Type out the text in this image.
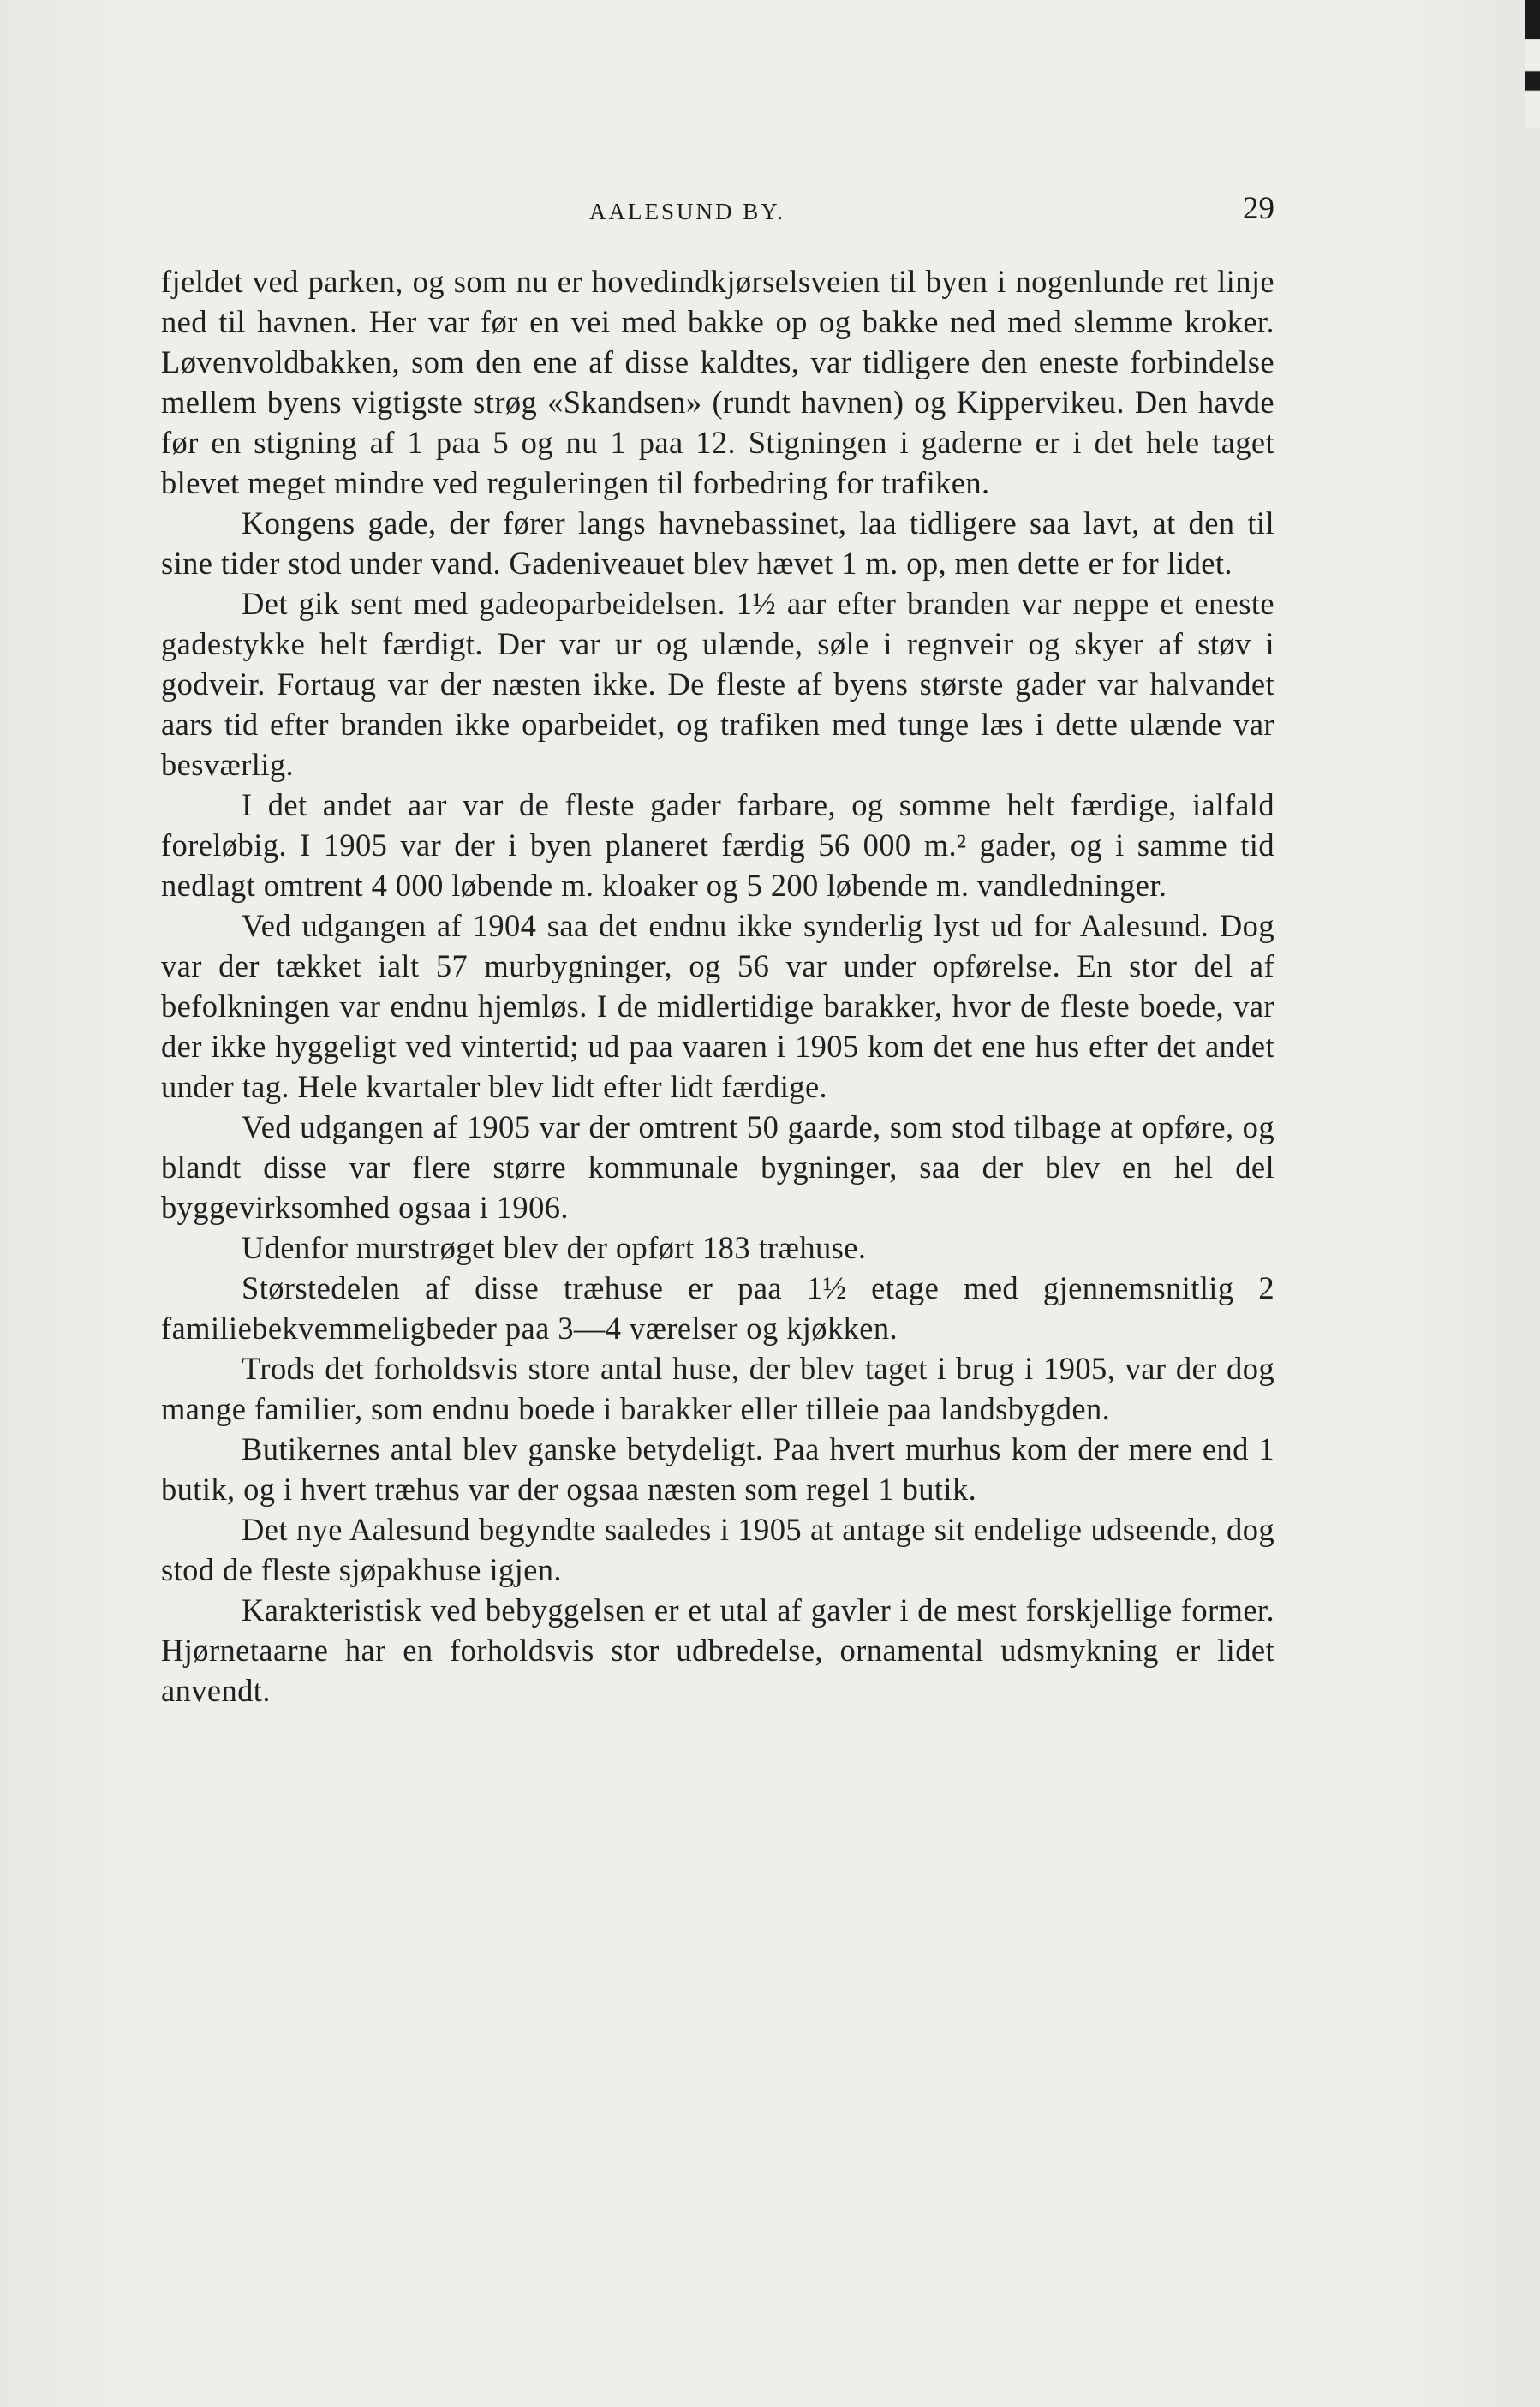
AALESUND BY.	29

fjeldet ved parken, og som nu er hovedindkjørselsveien til byen i nogenlunde ret linje ned til havnen. Her var før en vei med bakke op og bakke ned med slemme kroker. Løvenvoldbakken, som den ene af disse kaldtes, var tidligere den eneste forbindelse mellem byens vigtigste strøg «Skandsen» (rundt havnen) og Kippervikeu. Den havde før en stigning af 1 paa 5 og nu 1 paa 12. Stigningen i gaderne er i det hele taget blevet meget mindre ved reguleringen til forbedring for trafiken.

Kongens gade, der fører langs havnebassinet, laa tidligere saa lavt, at den til sine tider stod under vand. Gadeniveauet blev hævet 1 m. op, men dette er for lidet.

Det gik sent med gadeoparbeidelsen. 1½ aar efter branden var neppe et eneste gadestykke helt færdigt. Der var ur og ulænde, søle i regnveir og skyer af støv i godveir. Fortaug var der næsten ikke. De fleste af byens største gader var halvandet aars tid efter branden ikke oparbeidet, og trafiken med tunge læs i dette ulænde var besværlig.

I det andet aar var de fleste gader farbare, og somme helt færdige, ialfald foreløbig. I 1905 var der i byen planeret færdig 56 000 m.² gader, og i samme tid nedlagt omtrent 4 000 løbende m. kloaker og 5 200 løbende m. vandledninger.

Ved udgangen af 1904 saa det endnu ikke synderlig lyst ud for Aalesund. Dog var der tækket ialt 57 murbygninger, og 56 var under opførelse. En stor del af befolkningen var endnu hjemløs. I de midlertidige barakker, hvor de fleste boede, var der ikke hyggeligt ved vintertid; ud paa vaaren i 1905 kom det ene hus efter det andet under tag. Hele kvartaler blev lidt efter lidt færdige.

Ved udgangen af 1905 var der omtrent 50 gaarde, som stod tilbage at opføre, og blandt disse var flere større kommunale bygninger, saa der blev en hel del byggevirksomhed ogsaa i 1906.

Udenfor murstrøget blev der opført 183 træhuse.

Størstedelen af disse træhuse er paa 1½ etage med gjennemsnitlig 2 familiebekvemmeligbeder paa 3—4 værelser og kjøkken.

Trods det forholdsvis store antal huse, der blev taget i brug i 1905, var der dog mange familier, som endnu boede i barakker eller tilleie paa landsbygden.

Butikernes antal blev ganske betydeligt. Paa hvert murhus kom der mere end 1 butik, og i hvert træhus var der ogsaa næsten som regel 1 butik.

Det nye Aalesund begyndte saaledes i 1905 at antage sit endelige udseende, dog stod de fleste sjøpakhuse igjen.

Karakteristisk ved bebyggelsen er et utal af gavler i de mest forskjellige former. Hjørnetaarne har en forholdsvis stor udbredelse, ornamental udsmykning er lidet anvendt.
